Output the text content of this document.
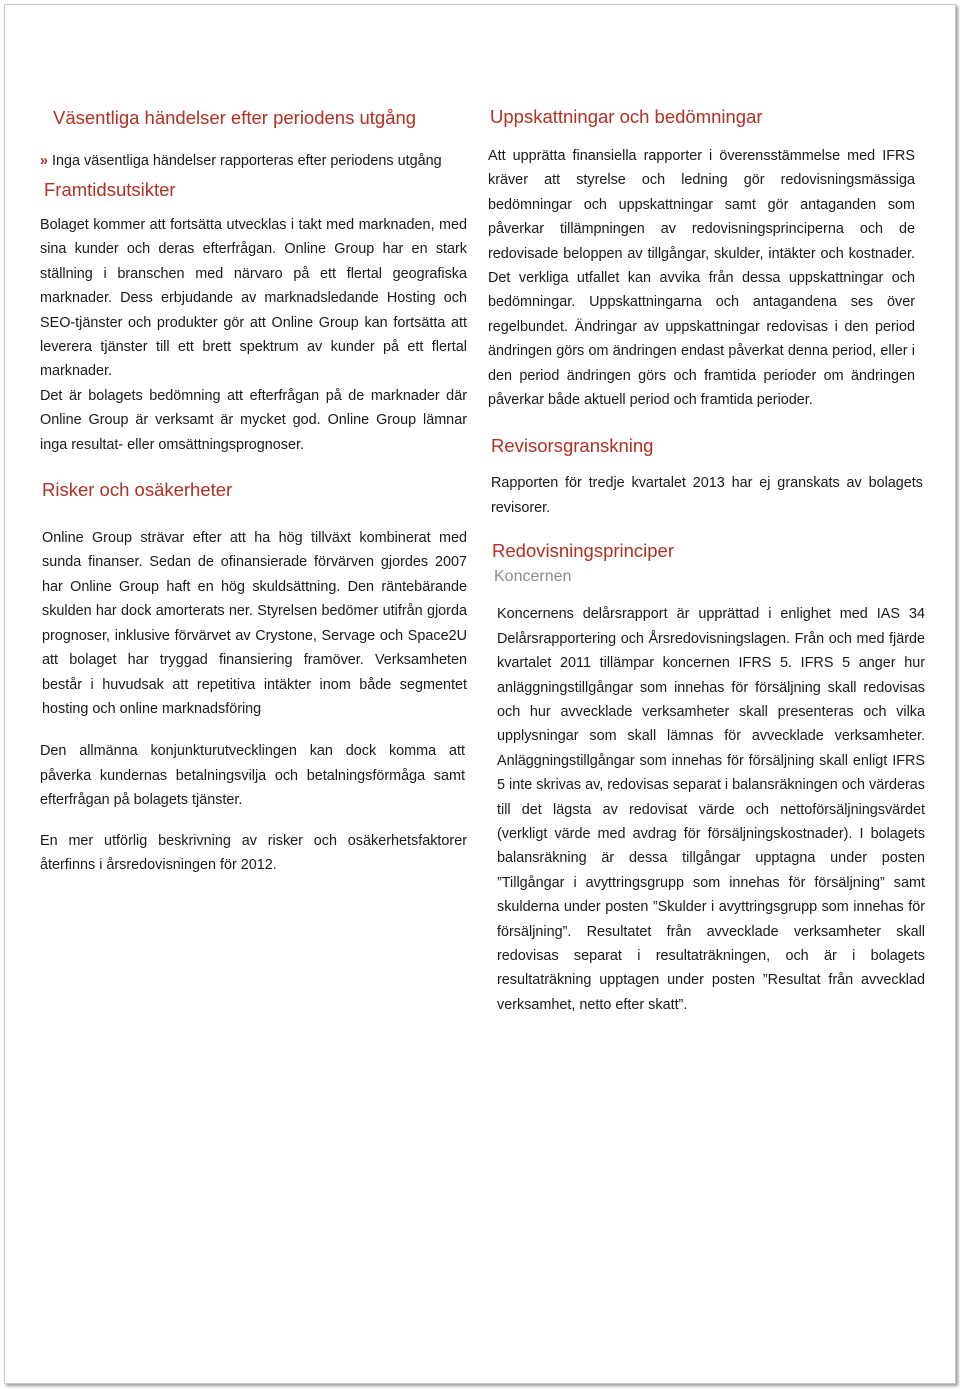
Väsentliga händelser efter periodens utgång

» Inga väsentliga händelser rapporteras efter periodens utgång

Framtidsutsikter

Bolaget kommer att fortsätta utvecklas i takt med marknaden, med sina kunder och deras efterfrågan. Online Group har en stark ställning i branschen med närvaro på ett flertal geografiska marknader. Dess erbjudande av marknadsledande Hosting och SEO-tjänster och produkter gör att Online Group kan fortsätta att leverera tjänster till ett brett spektrum av kunder på ett flertal marknader.

Det är bolagets bedömning att efterfrågan på de marknader där Online Group är verksamt är mycket god. Online Group lämnar inga resultat- eller omsättningsprognoser.

Risker och osäkerheter

Online Group strävar efter att ha hög tillväxt kombinerat med sunda finanser. Sedan de ofinansierade förvärven gjordes 2007 har Online Group haft en hög skuldsättning. Den räntebärande skulden har dock amorterats ner. Styrelsen bedömer utifrån gjorda prognoser, inklusive förvärvet av Crystone, Servage och Space2U att bolaget har tryggad finansiering framöver. Verksamheten består i huvudsak att repetitiva intäkter inom både segmentet hosting och online marknadsföring

Den allmänna konjunkturutvecklingen kan dock komma att påverka kundernas betalningsvilja och betalningsförmåga samt efterfrågan på bolagets tjänster.

En mer utförlig beskrivning av risker och osäkerhetsfaktorer återfinns i årsredovisningen för 2012.

Uppskattningar och bedömningar

Att upprätta finansiella rapporter i överensstämmelse med IFRS kräver att styrelse och ledning gör redovisningsmässiga bedömningar och uppskattningar samt gör antaganden som påverkar tillämpningen av redovisningsprinciperna och de redovisade beloppen av tillgångar, skulder, intäkter och kostnader. Det verkliga utfallet kan avvika från dessa uppskattningar och bedömningar. Uppskattningarna och antagandena ses över regelbundet. Ändringar av uppskattningar redovisas i den period ändringen görs om ändringen endast påverkat denna period, eller i den period ändringen görs och framtida perioder om ändringen påverkar både aktuell period och framtida perioder.

Revisorsgranskning

Rapporten för tredje kvartalet 2013 har ej granskats av bolagets revisorer.

Redovisningsprinciper
Koncernen

Koncernens delårsrapport är upprättad i enlighet med IAS 34 Delårsrapportering och Årsredovisningslagen. Från och med fjärde kvartalet 2011 tillämpar koncernen IFRS 5. IFRS 5 anger hur anläggningstillgångar som innehas för försäljning skall redovisas och hur avvecklade verksamheter skall presenteras och vilka upplysningar som skall lämnas för avvecklade verksamheter. Anläggningstillgångar som innehas för försäljning skall enligt IFRS 5 inte skrivas av, redovisas separat i balansräkningen och värderas till det lägsta av redovisat värde och nettoförsäljningsvärdet (verkligt värde med avdrag för försäljningskostnader). I bolagets balansräkning är dessa tillgångar upptagna under posten ”Tillgångar i avyttringsgrupp som innehas för försäljning” samt skulderna under posten ”Skulder i avyttringsgrupp som innehas för försäljning”. Resultatet från avvecklade verksamheter skall redovisas separat i resultaträkningen, och är i bolagets resultaträkning upptagen under posten ”Resultat från avvecklad verksamhet, netto efter skatt”.
